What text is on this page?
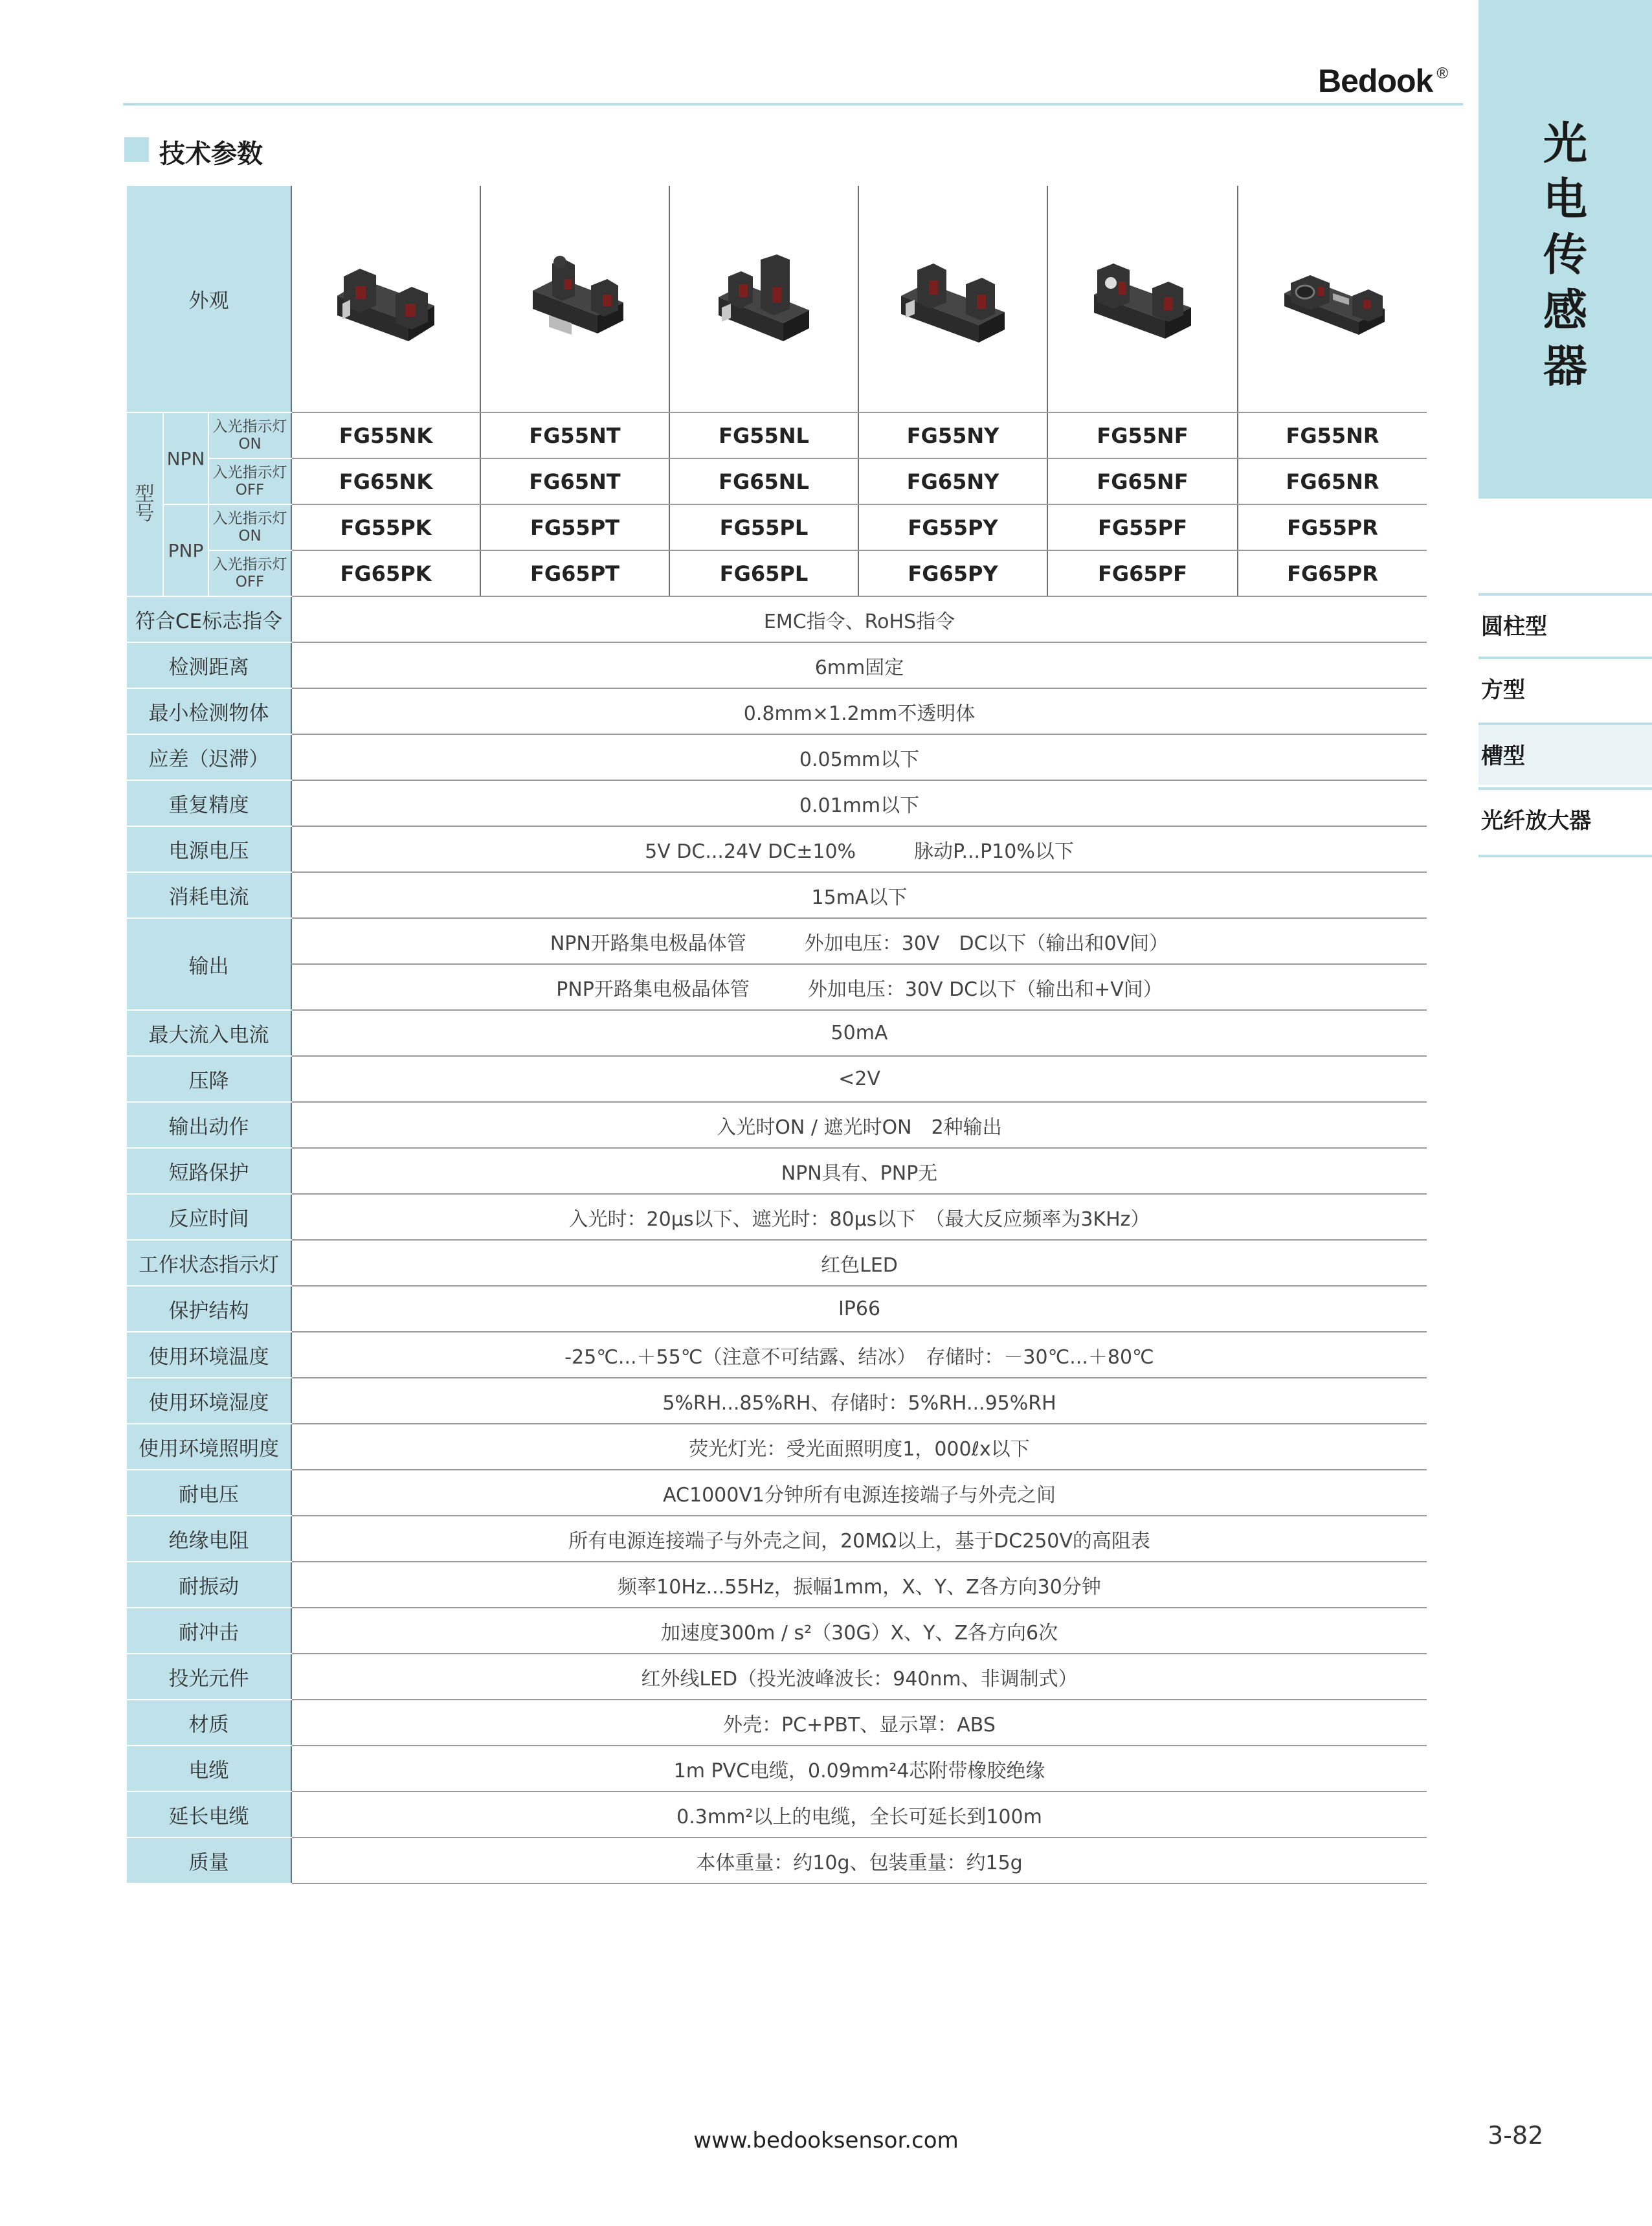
Bedook ®
光
电
传
感
器
圆柱型
方型
槽型
光纤放大器
技术参数
外观	

型
号	NPN	入光指示灯ON	FG55NK	FG55NT	FG55NL	FG55NY	FG55NF	FG55NR
		入光指示灯OFF	FG65NK	FG65NT	FG65NL	FG65NY	FG65NF	FG65NR
	PNP	入光指示灯ON	FG55PK	FG55PT	FG55PL	FG55PY	FG55PF	FG55PR
		入光指示灯OFF	FG65PK	FG65PT	FG65PL	FG65PY	FG65PF	FG65PR
符合CE标志指令			EMC指令、RoHS指令					
检测距离			6mm固定					
最小检测物体			0.8mm×1.2mm不透明体					
应差（迟滞）			0.05mm以下					
重复精度			0.01mm以下					
电源电压			5V DC...24V DC±10%　　　脉动P...P10%以下					
消耗电流			15mA以下					
输出			NPN开路集电极晶体管　　　外加电压：30V　DC以下（输出和0V间）					
			PNP开路集电极晶体管　　　外加电压：30V DC以下（输出和+V间）					
最大流入电流			50mA					
压降			<2V					
输出动作			入光时ON / 遮光时ON　2种输出					
短路保护			NPN具有、PNP无					
反应时间			入光时：20μs以下、遮光时：80μs以下　（最大反应频率为3KHz）					
工作状态指示灯			红色LED					
保护结构			IP66					
使用环境温度			-25℃...＋55℃（注意不可结露、结冰）　存储时：－30℃...＋80℃					
使用环境湿度			5%RH...85%RH、存储时：5%RH...95%RH					
使用环境照明度			荧光灯光：受光面照明度1，000ℓx以下					
耐电压			AC1000V1分钟所有电源连接端子与外壳之间					
绝缘电阻			所有电源连接端子与外壳之间，20MΩ以上，基于DC250V的高阻表					
耐振动			频率10Hz...55Hz，振幅1mm，X、Y、Z各方向30分钟					
耐冲击			加速度300m / s²（30G）X、Y、Z各方向6次					
投光元件			红外线LED（投光波峰波长：940nm、非调制式）					
材质			外壳：PC+PBT、显示罩：ABS					
电缆			1m PVC电缆，0.09mm²4芯附带橡胶绝缘					
延长电缆			0.3mm²以上的电缆，全长可延长到100m					
质量			本体重量：约10g、包装重量：约15g					
www.bedooksensor.com	3-82
